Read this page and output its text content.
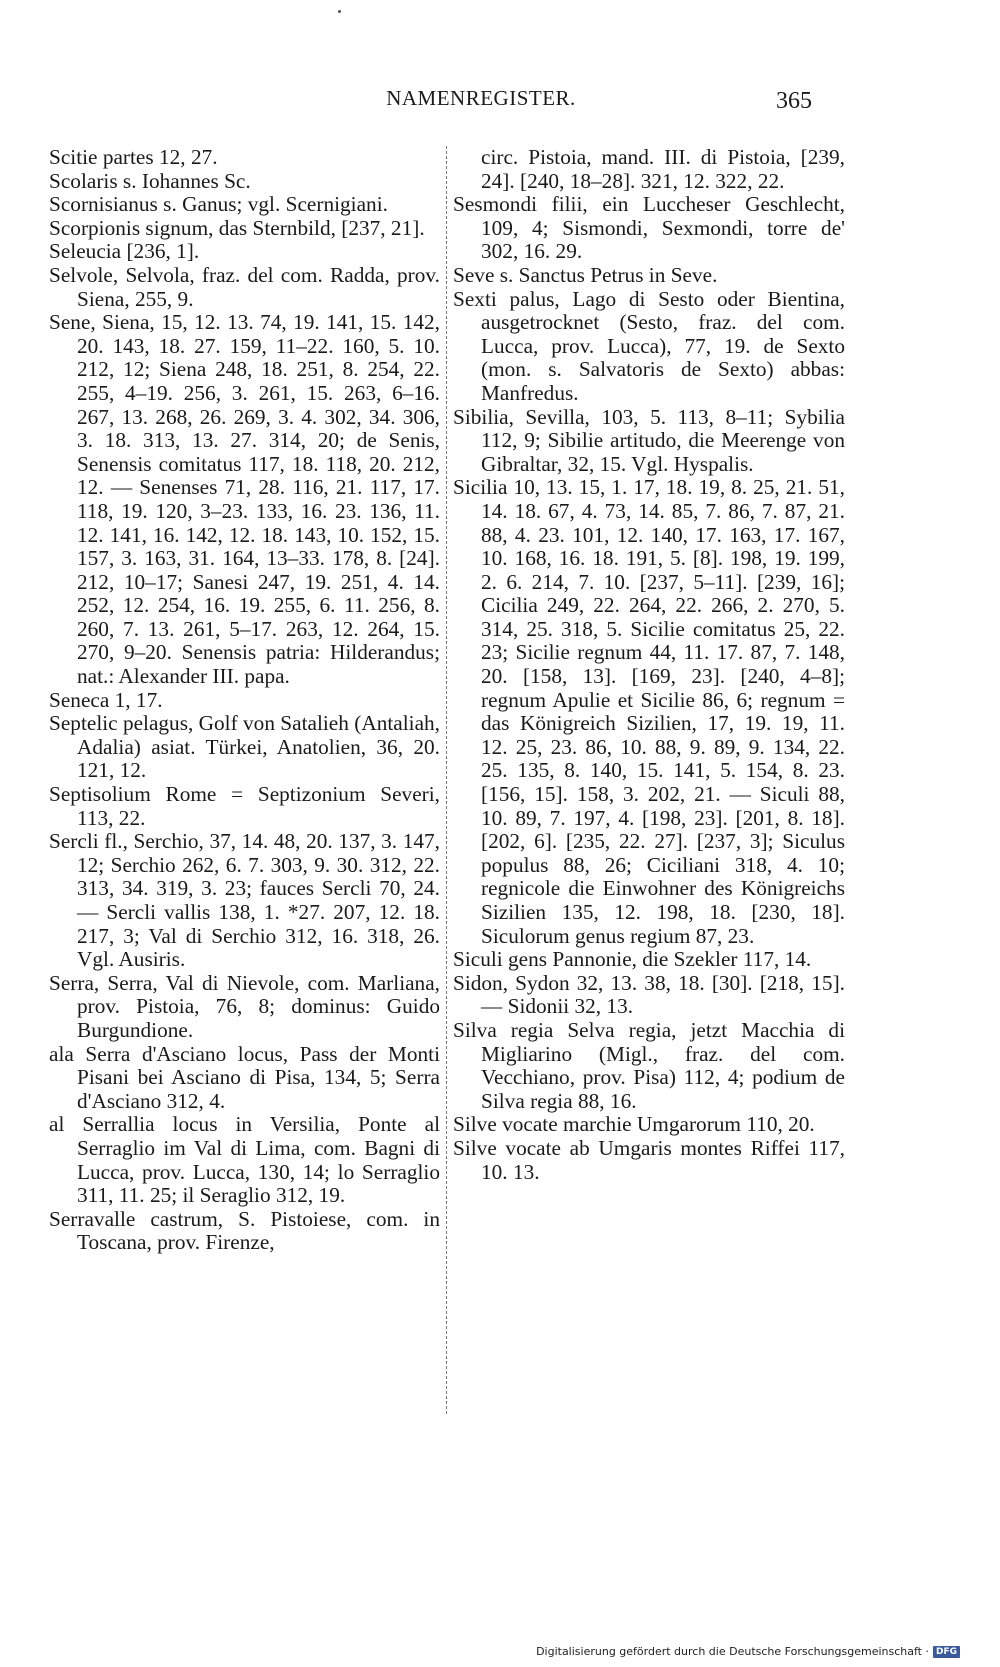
NAMENREGISTER.	365

Scitie partes 12, 27.

Scolaris s. Iohannes Sc.

Scornisianus s. Ganus; vgl. Scernigiani.

Scorpionis signum, das Sternbild, [237, 21].

Seleucia [236, 1].

Selvole, Selvola, fraz. del com. Radda, prov. Siena, 255, 9.

Sene, Siena, 15, 12. 13. 74, 19. 141, 15. 142, 20. 143, 18. 27. 159, 11–22. 160, 5. 10. 212, 12; Siena 248, 18. 251, 8. 254, 22. 255, 4–19. 256, 3. 261, 15. 263, 6–16. 267, 13. 268, 26. 269, 3. 4. 302, 34. 306, 3. 18. 313, 13. 27. 314, 20; de Senis, Senensis comitatus 117, 18. 118, 20. 212, 12. — Senenses 71, 28. 116, 21. 117, 17. 118, 19. 120, 3–23. 133, 16. 23. 136, 11. 12. 141, 16. 142, 12. 18. 143, 10. 152, 15. 157, 3. 163, 31. 164, 13–33. 178, 8. [24]. 212, 10–17; Sanesi 247, 19. 251, 4. 14. 252, 12. 254, 16. 19. 255, 6. 11. 256, 8. 260, 7. 13. 261, 5–17. 263, 12. 264, 15. 270, 9–20. Senensis patria: Hilderandus; nat.: Alexander III. papa.

Seneca 1, 17.

Septelic pelagus, Golf von Satalieh (Antaliah, Adalia) asiat. Türkei, Anatolien, 36, 20. 121, 12.

Septisolium Rome = Septizonium Severi, 113, 22.

Sercli fl., Serchio, 37, 14. 48, 20. 137, 3. 147, 12; Serchio 262, 6. 7. 303, 9. 30. 312, 22. 313, 34. 319, 3. 23; fauces Sercli 70, 24. — Sercli vallis 138, 1. *27. 207, 12. 18. 217, 3; Val di Serchio 312, 16. 318, 26. Vgl. Ausiris.

Serra, Serra, Val di Nievole, com. Marliana, prov. Pistoia, 76, 8; dominus: Guido Burgundione.

ala Serra d'Asciano locus, Pass der Monti Pisani bei Asciano di Pisa, 134, 5; Serra d'Asciano 312, 4.

al Serrallia locus in Versilia, Ponte al Serraglio im Val di Lima, com. Bagni di Lucca, prov. Lucca, 130, 14; lo Serraglio 311, 11. 25; il Seraglio 312, 19.

Serravalle castrum, S. Pistoiese, com. in Toscana, prov. Firenze,

circ. Pistoia, mand. III. di Pistoia, [239, 24]. [240, 18–28]. 321, 12. 322, 22.

Sesmondi filii, ein Luccheser Geschlecht, 109, 4; Sismondi, Sexmondi, torre de' 302, 16. 29.

Seve s. Sanctus Petrus in Seve.

Sexti palus, Lago di Sesto oder Bientina, ausgetrocknet (Sesto, fraz. del com. Lucca, prov. Lucca), 77, 19. de Sexto (mon. s. Salvatoris de Sexto) abbas: Manfredus.

Sibilia, Sevilla, 103, 5. 113, 8–11; Sybilia 112, 9; Sibilie artitudo, die Meerenge von Gibraltar, 32, 15. Vgl. Hyspalis.

Sicilia 10, 13. 15, 1. 17, 18. 19, 8. 25, 21. 51, 14. 18. 67, 4. 73, 14. 85, 7. 86, 7. 87, 21. 88, 4. 23. 101, 12. 140, 17. 163, 17. 167, 10. 168, 16. 18. 191, 5. [8]. 198, 19. 199, 2. 6. 214, 7. 10. [237, 5–11]. [239, 16]; Cicilia 249, 22. 264, 22. 266, 2. 270, 5. 314, 25. 318, 5. Sicilie comitatus 25, 22. 23; Sicilie regnum 44, 11. 17. 87, 7. 148, 20. [158, 13]. [169, 23]. [240, 4–8]; regnum Apulie et Sicilie 86, 6; regnum = das Königreich Sizilien, 17, 19. 19, 11. 12. 25, 23. 86, 10. 88, 9. 89, 9. 134, 22. 25. 135, 8. 140, 15. 141, 5. 154, 8. 23. [156, 15]. 158, 3. 202, 21. — Siculi 88, 10. 89, 7. 197, 4. [198, 23]. [201, 8. 18]. [202, 6]. [235, 22. 27]. [237, 3]; Siculus populus 88, 26; Ciciliani 318, 4. 10; regnicole die Einwohner des Königreichs Sizilien 135, 12. 198, 18. [230, 18]. Siculorum genus regium 87, 23.

Siculi gens Pannonie, die Szekler 117, 14.

Sidon, Sydon 32, 13. 38, 18. [30]. [218, 15]. — Sidonii 32, 13.

Silva regia Selva regia, jetzt Macchia di Migliarino (Migl., fraz. del com. Vecchiano, prov. Pisa) 112, 4; podium de Silva regia 88, 16.

Silve vocate marchie Umgarorum 110, 20.

Silve vocate ab Umgaris montes Riffei 117, 10. 13.

Digitalisierung gefördert durch die Deutsche Forschungsgemeinschaft · DFG
